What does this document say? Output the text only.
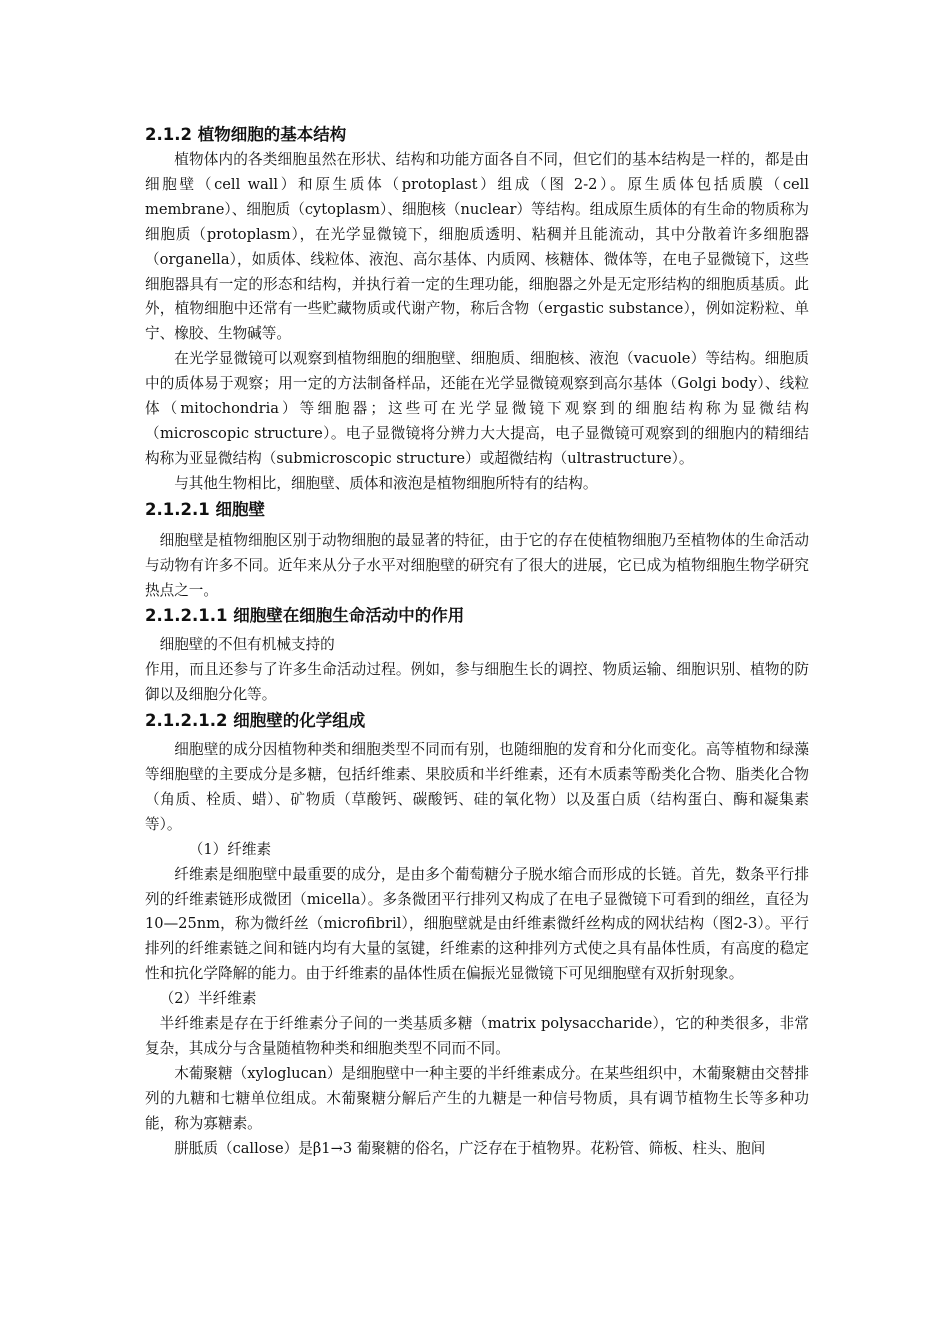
2.1.2 植物细胞的基本结构

植物体内的各类细胞虽然在形状、结构和功能方面各自不同，但它们的基本结构是一样的，都是由细胞壁（cell wall）和原生质体（protoplast）组成（图 2-2）。原生质体包括质膜（cell membrane）、细胞质（cytoplasm）、细胞核（nuclear）等结构。组成原生质体的有生命的物质称为细胞质（protoplasm），在光学显微镜下，细胞质透明、粘稠并且能流动，其中分散着许多细胞器（organella），如质体、线粒体、液泡、高尔基体、内质网、核糖体、微体等，在电子显微镜下，这些细胞器具有一定的形态和结构，并执行着一定的生理功能，细胞器之外是无定形结构的细胞质基质。此外，植物细胞中还常有一些贮藏物质或代谢产物，称后含物（ergastic substance），例如淀粉粒、单宁、橡胶、生物碱等。

在光学显微镜可以观察到植物细胞的细胞壁、细胞质、细胞核、液泡（vacuole）等结构。细胞质中的质体易于观察；用一定的方法制备样品，还能在光学显微镜观察到高尔基体（Golgi body）、线粒体（mitochondria）等细胞器；这些可在光学显微镜下观察到的细胞结构称为显微结构（microscopic structure）。电子显微镜将分辨力大大提高，电子显微镜可观察到的细胞内的精细结构称为亚显微结构（submicroscopic structure）或超微结构（ultrastructure）。

与其他生物相比，细胞壁、质体和液泡是植物细胞所特有的结构。

2.1.2.1 细胞壁

细胞壁是植物细胞区别于动物细胞的最显著的特征，由于它的存在使植物细胞乃至植物体的生命活动与动物有许多不同。近年来从分子水平对细胞壁的研究有了很大的进展，它已成为植物细胞生物学研究热点之一。

2.1.2.1.1 细胞壁在细胞生命活动中的作用

细胞壁的不但有机械支持的

作用，而且还参与了许多生命活动过程。例如，参与细胞生长的调控、物质运输、细胞识别、植物的防御以及细胞分化等。

2.1.2.1.2 细胞壁的化学组成

细胞壁的成分因植物种类和细胞类型不同而有别，也随细胞的发育和分化而变化。高等植物和绿藻等细胞壁的主要成分是多糖，包括纤维素、果胶质和半纤维素，还有木质素等酚类化合物、脂类化合物（角质、栓质、蜡）、矿物质（草酸钙、碳酸钙、硅的氧化物）以及蛋白质（结构蛋白、酶和凝集素等）。

（1）纤维素

纤维素是细胞壁中最重要的成分，是由多个葡萄糖分子脱水缩合而形成的长链。首先，数条平行排列的纤维素链形成微团（micella）。多条微团平行排列又构成了在电子显微镜下可看到的细丝，直径为10—25nm，称为微纤丝（microfibril），细胞壁就是由纤维素微纤丝构成的网状结构（图2-3）。平行排列的纤维素链之间和链内均有大量的氢键，纤维素的这种排列方式使之具有晶体性质，有高度的稳定性和抗化学降解的能力。由于纤维素的晶体性质在偏振光显微镜下可见细胞壁有双折射现象。

（2）半纤维素

半纤维素是存在于纤维素分子间的一类基质多糖（matrix polysaccharide），它的种类很多，非常复杂，其成分与含量随植物种类和细胞类型不同而不同。

木葡聚糖（xyloglucan）是细胞壁中一种主要的半纤维素成分。在某些组织中，木葡聚糖由交替排列的九糖和七糖单位组成。木葡聚糖分解后产生的九糖是一种信号物质，具有调节植物生长等多种功能，称为寡糖素。

胼胝质（callose）是β1→3 葡聚糖的俗名，广泛存在于植物界。花粉管、筛板、柱头、胞间
